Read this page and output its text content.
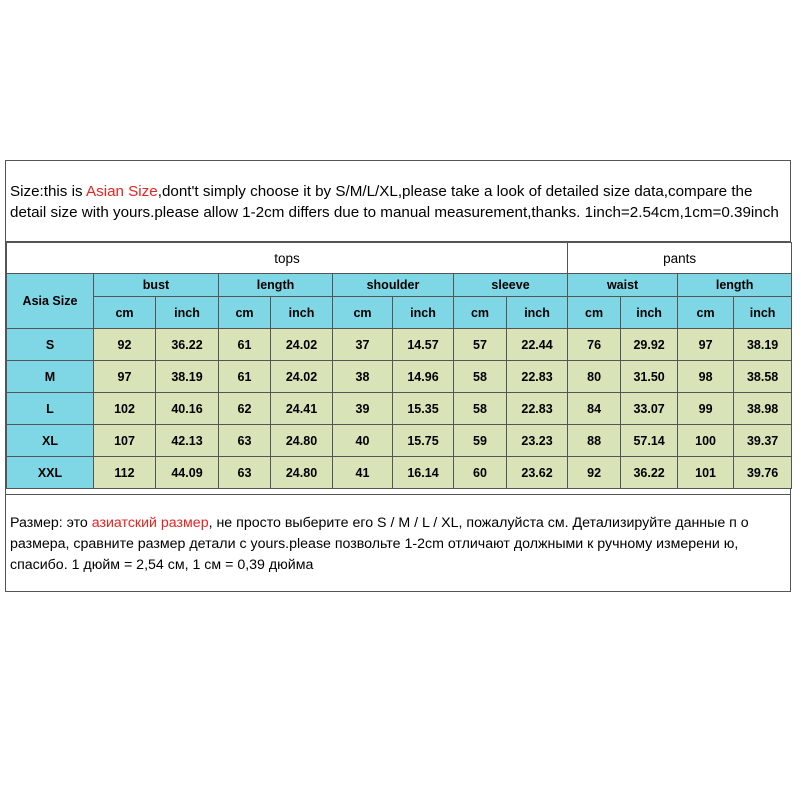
Size:this is Asian Size,dont't simply choose it by S/M/L/XL,please take a look of detailed size data,compare the detail size with yours.please allow 1-2cm differs due to manual measurement,thanks. 1inch=2.54cm,1cm=0.39inch
tops									pants			
Asia Size	bust		length		shoulder		sleeve		waist		length	
	cm	inch	cm	inch	cm	inch	cm	inch	cm	inch	cm	inch
S	92	36.22	61	24.02	37	14.57	57	22.44	76	29.92	97	38.19
M	97	38.19	61	24.02	38	14.96	58	22.83	80	31.50	98	38.58
L	102	40.16	62	24.41	39	15.35	58	22.83	84	33.07	99	38.98
XL	107	42.13	63	24.80	40	15.75	59	23.23	88	57.14	100	39.37
XXL	112	44.09	63	24.80	41	16.14	60	23.62	92	36.22	101	39.76
Размер: это азиатский размер, не просто выберите его S / M / L / XL, пожалуйста см. Детализируйте данные п о размера, сравните размер детали с yours.please позвольте 1-2cm отличают должными к ручному измерени ю, спасибо. 1 дюйм = 2,54 см, 1 см = 0,39 дюйма
